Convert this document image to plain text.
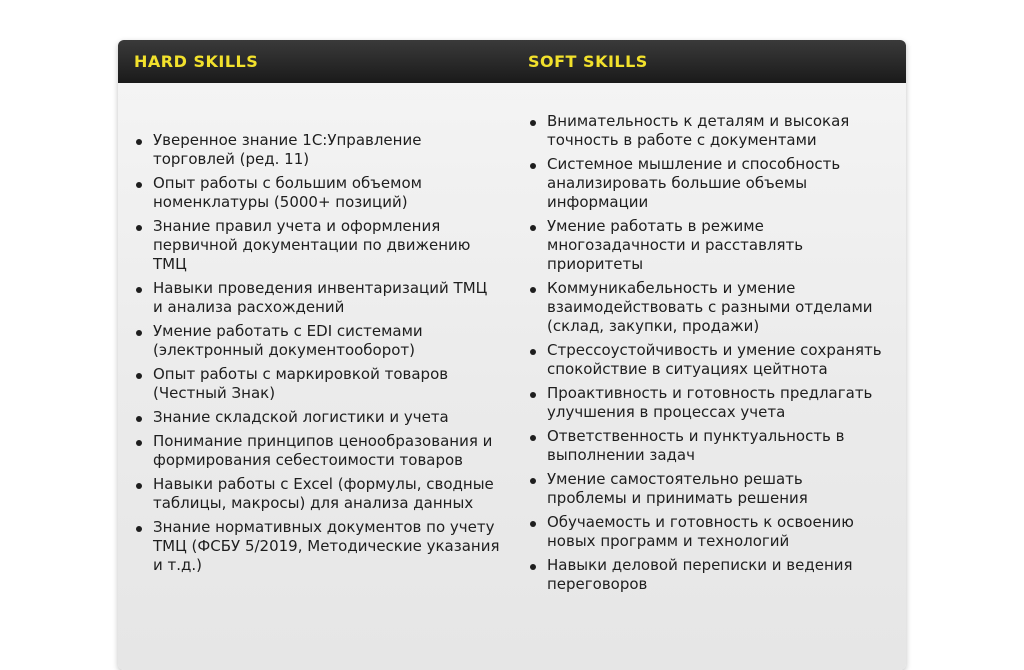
HARD SKILLS	SOFT SKILLS
Уверенное знание 1С:Управление торговлей (ред. 11)
Опыт работы с большим объемом номенклатуры (5000+ позиций)
Знание правил учета и оформления первичной документации по движению ТМЦ
Навыки проведения инвентаризаций ТМЦ и анализа расхождений
Умение работать с EDI системами (электронный документооборот)
Опыт работы с маркировкой товаров (Честный Знак)
Знание складской логистики и учета
Понимание принципов ценообразования и формирования себестоимости товаров
Навыки работы с Excel (формулы, сводные таблицы, макросы) для анализа данных
Знание нормативных документов по учету ТМЦ (ФСБУ 5/2019, Методические указания и т.д.)
Внимательность к деталям и высокая точность в работе с документами
Системное мышление и способность анализировать большие объемы информации
Умение работать в режиме многозадачности и расставлять приоритеты
Коммуникабельность и умение взаимодействовать с разными отделами (склад, закупки, продажи)
Стрессоустойчивость и умение сохранять спокойствие в ситуациях цейтнота
Проактивность и готовность предлагать улучшения в процессах учета
Ответственность и пунктуальность в выполнении задач
Умение самостоятельно решать проблемы и принимать решения
Обучаемость и готовность к освоению новых программ и технологий
Навыки деловой переписки и ведения переговоров
